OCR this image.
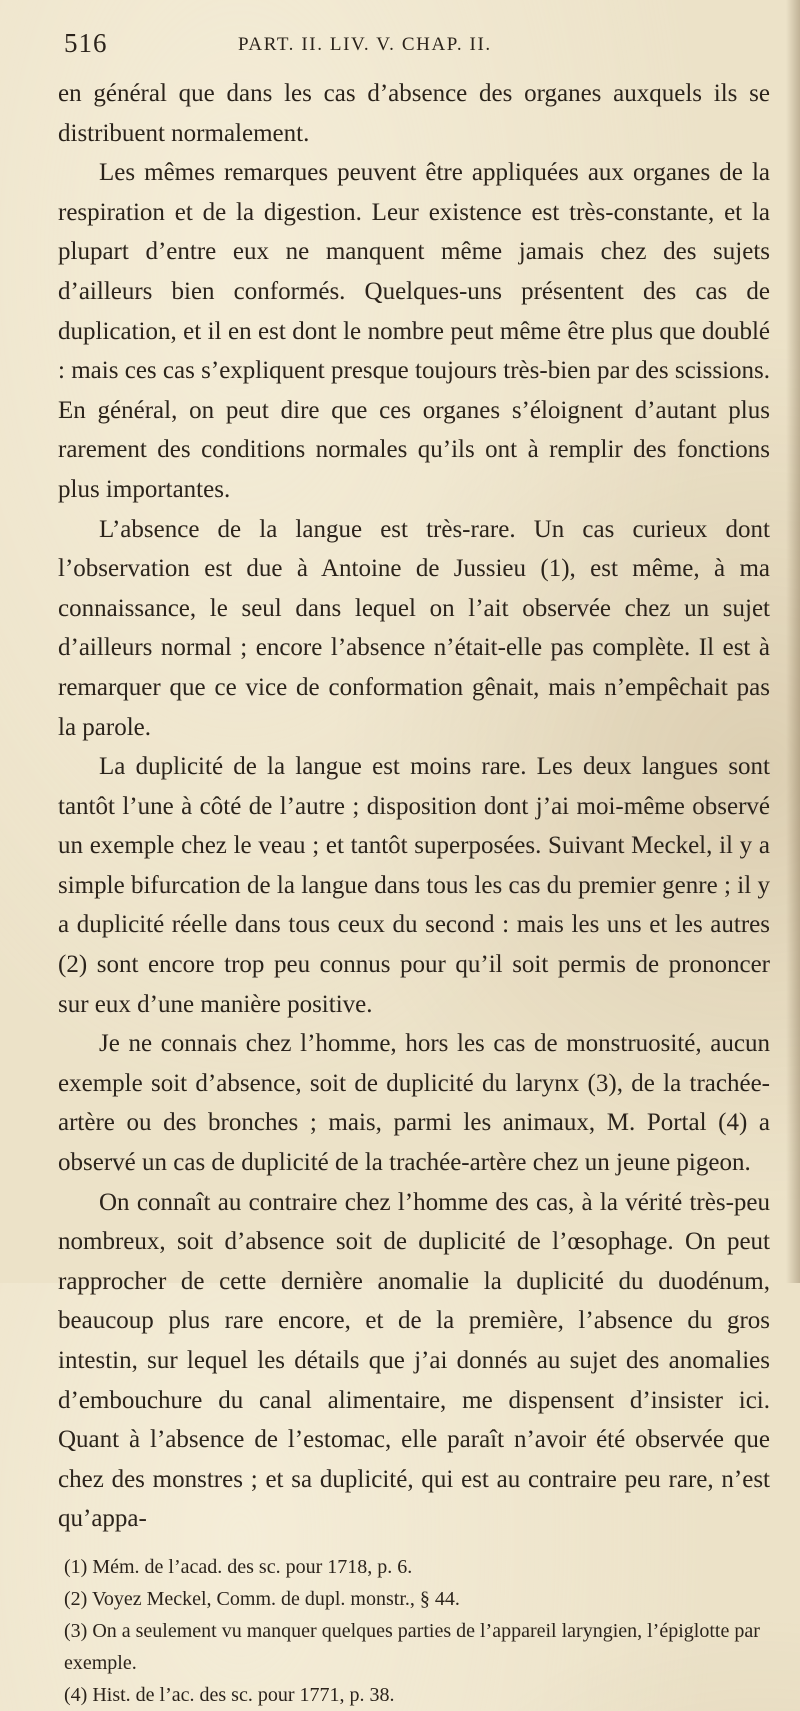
516	PART. II. LIV. V. CHAP. II.

en général que dans les cas d’absence des organes auxquels ils se distribuent normalement.

Les mêmes remarques peuvent être appliquées aux organes de la respiration et de la digestion. Leur existence est très-constante, et la plupart d’entre eux ne manquent même jamais chez des sujets d’ailleurs bien conformés. Quelques-uns présentent des cas de duplication, et il en est dont le nombre peut même être plus que doublé : mais ces cas s’expliquent presque toujours très-bien par des scissions. En général, on peut dire que ces organes s’éloignent d’autant plus rarement des conditions normales qu’ils ont à remplir des fonctions plus importantes.

L’absence de la langue est très-rare. Un cas curieux dont l’observation est due à Antoine de Jussieu (1), est même, à ma connaissance, le seul dans lequel on l’ait observée chez un sujet d’ailleurs normal ; encore l’absence n’était-elle pas complète. Il est à remarquer que ce vice de conformation gênait, mais n’empêchait pas la parole.

La duplicité de la langue est moins rare. Les deux langues sont tantôt l’une à côté de l’autre ; disposition dont j’ai moi-même observé un exemple chez le veau ; et tantôt superposées. Suivant Meckel, il y a simple bifurcation de la langue dans tous les cas du premier genre ; il y a duplicité réelle dans tous ceux du second : mais les uns et les autres (2) sont encore trop peu connus pour qu’il soit permis de prononcer sur eux d’une manière positive.

Je ne connais chez l’homme, hors les cas de monstruosité, aucun exemple soit d’absence, soit de duplicité du larynx (3), de la trachée-artère ou des bronches ; mais, parmi les animaux, M. Portal (4) a observé un cas de duplicité de la trachée-artère chez un jeune pigeon.

On connaît au contraire chez l’homme des cas, à la vérité très-peu nombreux, soit d’absence soit de duplicité de l’œsophage. On peut rapprocher de cette dernière anomalie la duplicité du duodénum, beaucoup plus rare encore, et de la première, l’absence du gros intestin, sur lequel les détails que j’ai donnés au sujet des anomalies d’embouchure du canal alimentaire, me dispensent d’insister ici. Quant à l’absence de l’estomac, elle paraît n’avoir été observée que chez des monstres ; et sa duplicité, qui est au contraire peu rare, n’est qu’appa-

(1) Mém. de l’acad. des sc. pour 1718, p. 6.

(2) Voyez Meckel, Comm. de dupl. monstr., § 44.

(3) On a seulement vu manquer quelques parties de l’appareil laryngien, l’épiglotte par exemple.

(4) Hist. de l’ac. des sc. pour 1771, p. 38.
